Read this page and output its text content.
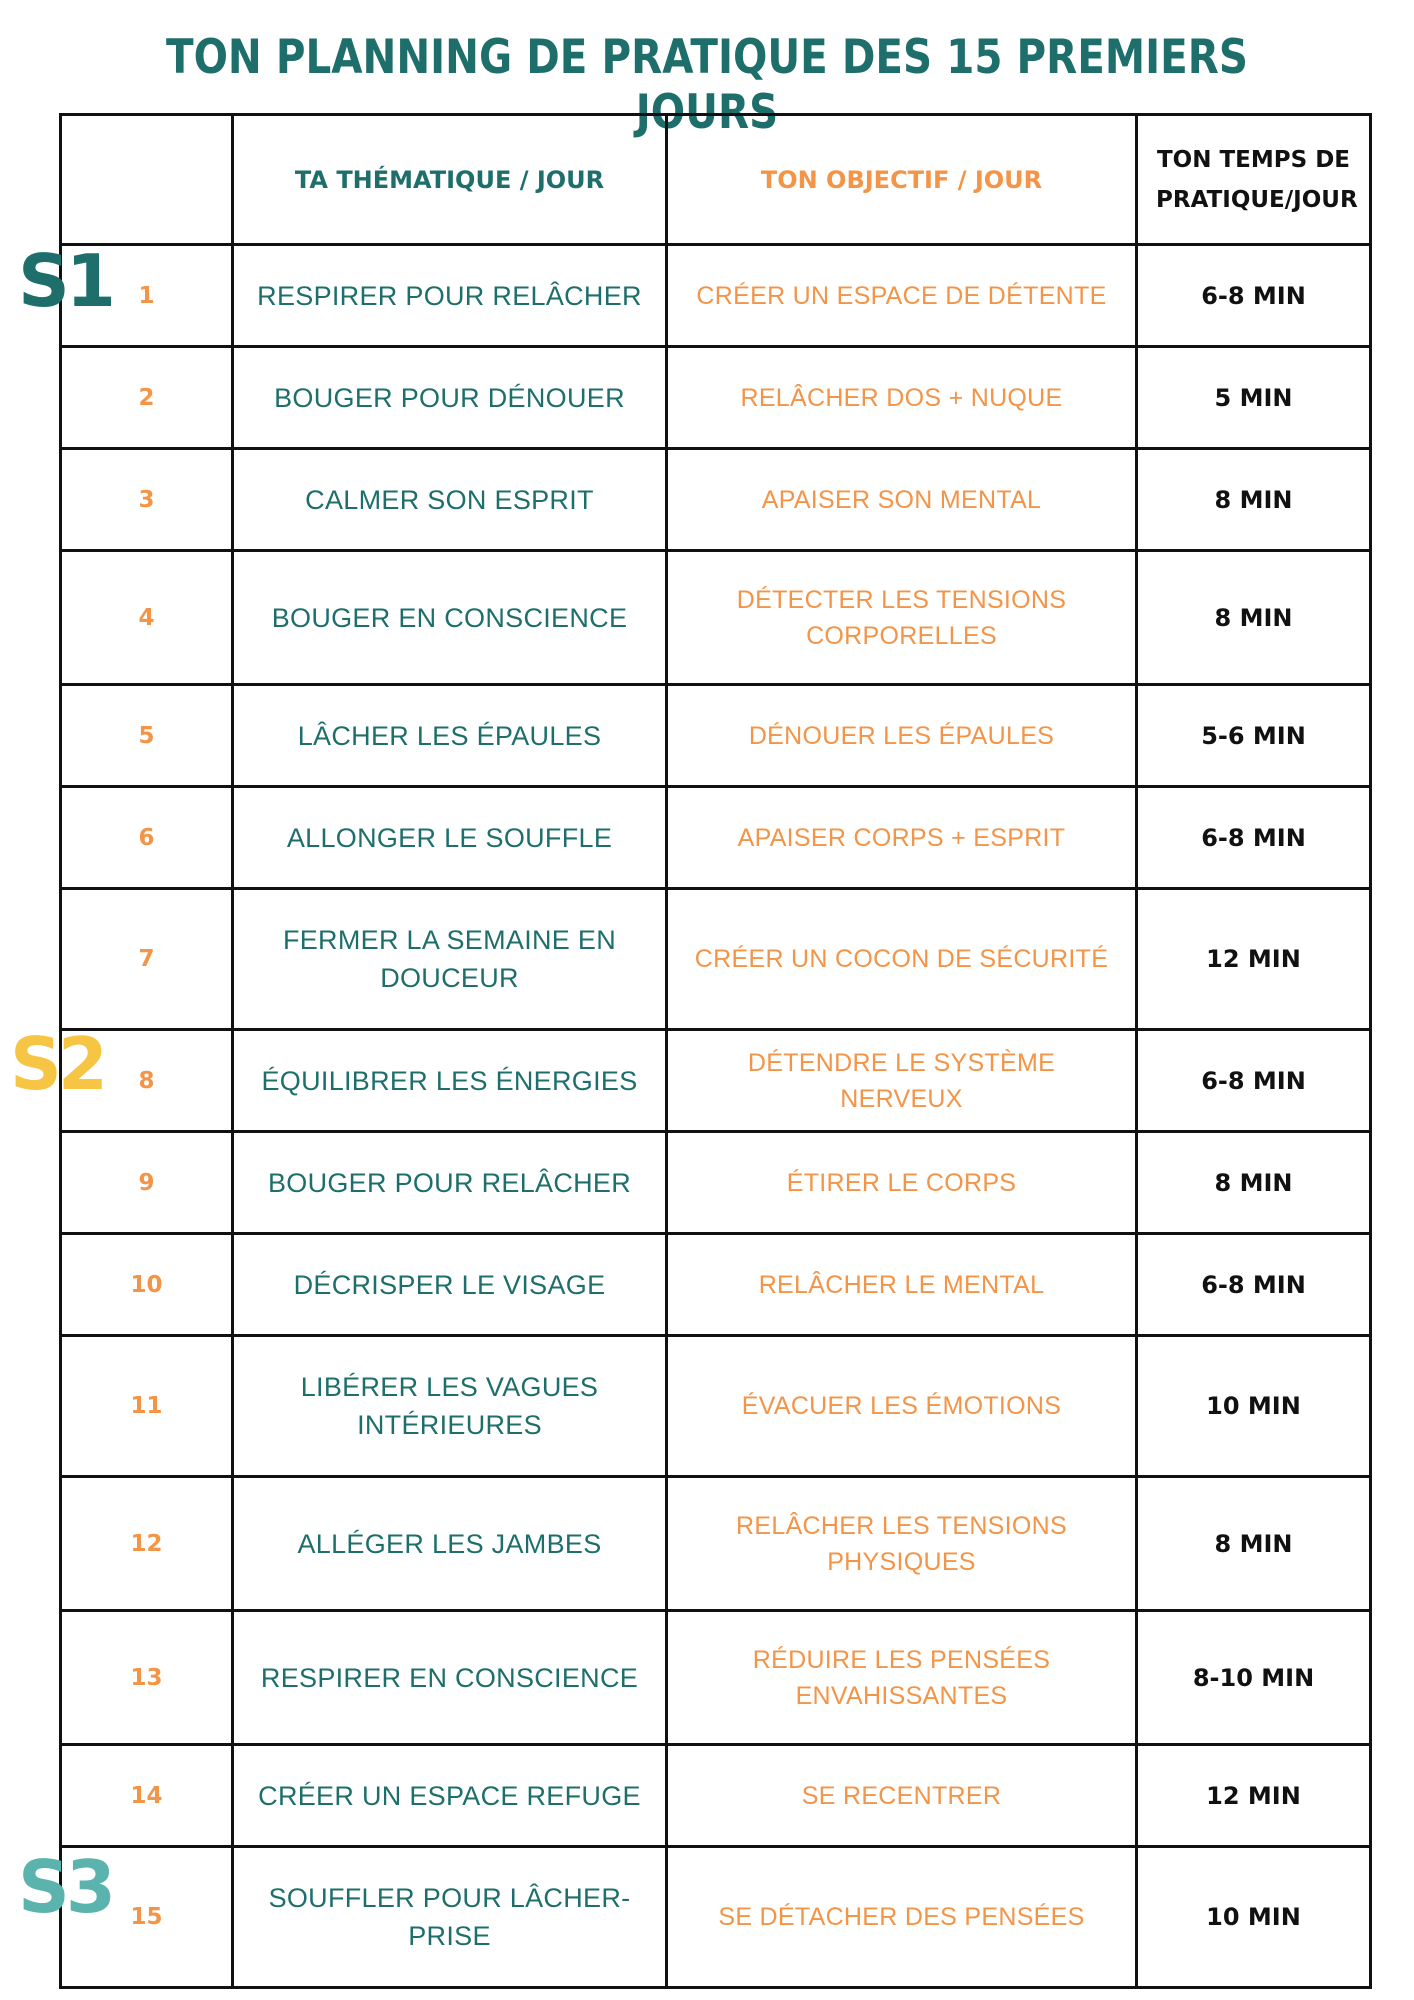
TON PLANNING DE PRATIQUE DES 15 PREMIERS JOURS
	TA THÉMATIQUE / JOUR	TON OBJECTIF / JOUR	TON TEMPS DE
PRATIQUE/JOUR

1	RESPIRER POUR RELÂCHER	CRÉER UN ESPACE DE DÉTENTE	6-8 MIN
2	BOUGER POUR DÉNOUER	RELÂCHER DOS + NUQUE	5 MIN
3	CALMER SON ESPRIT	APAISER SON MENTAL	8 MIN
4	BOUGER EN CONSCIENCE	DÉTECTER LES TENSIONS CORPORELLES	8 MIN
5	LÂCHER LES ÉPAULES	DÉNOUER LES ÉPAULES	5-6 MIN
6	ALLONGER LE SOUFFLE	APAISER CORPS + ESPRIT	6-8 MIN
7	FERMER LA SEMAINE EN DOUCEUR	CRÉER UN COCON DE SÉCURITÉ	12 MIN
8	ÉQUILIBRER LES ÉNERGIES	DÉTENDRE LE SYSTÈME NERVEUX	6-8 MIN
9	BOUGER POUR RELÂCHER	ÉTIRER LE CORPS	8 MIN
10	DÉCRISPER LE VISAGE	RELÂCHER LE MENTAL	6-8 MIN
11	LIBÉRER LES VAGUES INTÉRIEURES	ÉVACUER LES ÉMOTIONS	10 MIN
12	ALLÉGER LES JAMBES	RELÂCHER LES TENSIONS PHYSIQUES	8 MIN
13	RESPIRER EN CONSCIENCE	RÉDUIRE LES PENSÉES ENVAHISSANTES	8-10 MIN
14	CRÉER UN ESPACE REFUGE	SE RECENTRER	12 MIN
15	SOUFFLER POUR LÂCHER-PRISE	SE DÉTACHER DES PENSÉES	10 MIN
S1
S2
S3
